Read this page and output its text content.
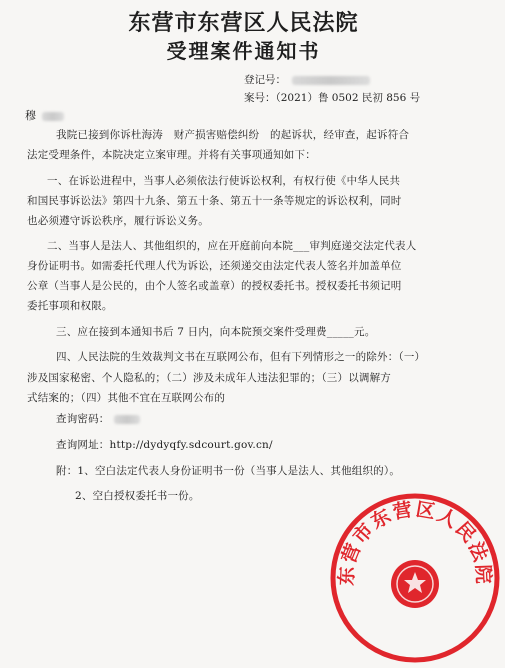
东营市东营区人民法院
受理案件通知书
登记号：
案号：（2021）鲁 0502 民初 856 号
穆
我院已接到你诉杜海涛　财产损害赔偿纠纷　的起诉状，经审查，起诉符合
法定受理条件，本院决定立案审理。并将有关事项通知如下：
一、在诉讼进程中，当事人必须依法行使诉讼权利，有权行使《中华人民共
和国民事诉讼法》第四十九条、第五十条、第五十一条等规定的诉讼权利，同时
也必须遵守诉讼秩序，履行诉讼义务。
二、当事人是法人、其他组织的，应在开庭前向本院___审判庭递交法定代表人
身份证明书。如需委托代理人代为诉讼，还须递交由法定代表人签名并加盖单位
公章（当事人是公民的，由个人签名或盖章）的授权委托书。授权委托书须记明
委托事项和权限。
三、应在接到本通知书后 7 日内，向本院预交案件受理费_____元。
四、人民法院的生效裁判文书在互联网公布，但有下列情形之一的除外：（一）
涉及国家秘密、个人隐私的；（二）涉及未成年人违法犯罪的；（三）以调解方
式结案的；（四）其他不宜在互联网公布的
查询密码：
查询网址：http://dydyqfy.sdcourt.gov.cn/
附：1、空白法定代表人身份证明书一份（当事人是法人、其他组织的）。
2、空白授权委托书一份。
东营市东营区人民法院
